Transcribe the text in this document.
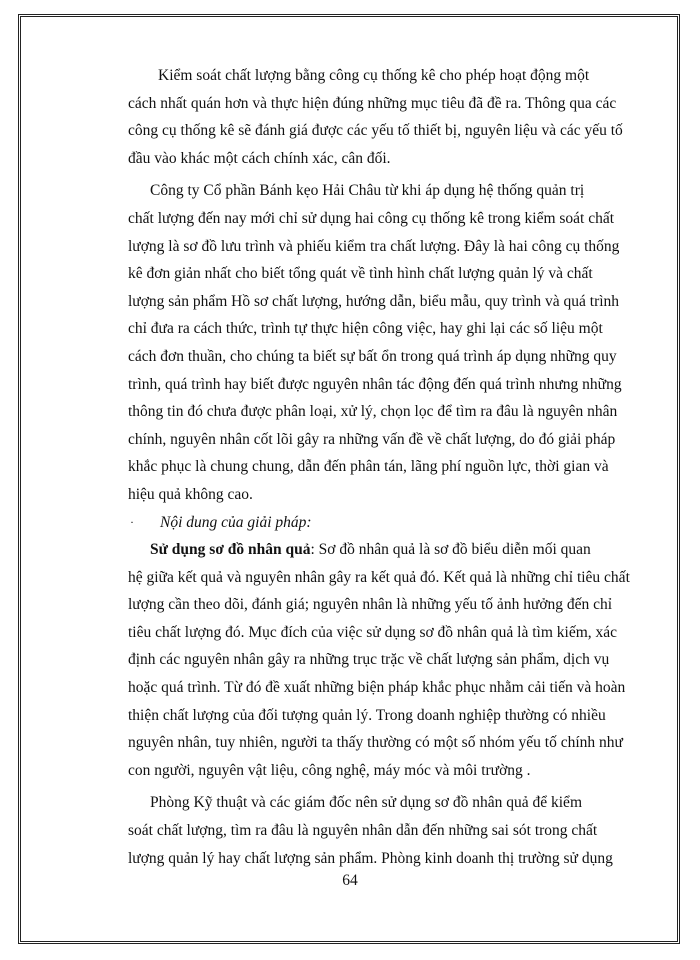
Kiểm soát chất lượng bằng công cụ thống kê cho phép hoạt động một
cách nhất quán hơn và thực hiện đúng những mục tiêu đã đề ra. Thông qua các
công cụ thống kê sẽ đánh giá được các yếu tố thiết bị, nguyên liệu và các yếu tố
đầu vào khác một cách chính xác, cân đối.
Công ty Cổ phần Bánh kẹo Hải Châu từ khi áp dụng hệ thống quản trị
chất lượng đến nay mới chỉ sử dụng hai công cụ thống kê trong kiểm soát chất
lượng là sơ đồ lưu trình và phiếu kiểm tra chất lượng. Đây là hai công cụ thống
kê đơn giản nhất cho biết tổng quát về tình hình chất lượng quản lý và chất
lượng sản phẩm Hồ sơ chất lượng, hướng dẫn, biểu mẫu, quy trình và quá trình
chỉ đưa ra cách thức, trình tự thực hiện công việc, hay ghi lại các số liệu một
cách đơn thuần, cho chúng ta biết sự bất ổn trong quá trình áp dụng những quy
trình, quá trình hay biết được nguyên nhân tác động đến quá trình nhưng những
thông tin đó chưa được phân loại, xử lý, chọn lọc để tìm ra đâu là nguyên nhân
chính, nguyên nhân cốt lõi gây ra những vấn đề về chất lượng, do đó giải pháp
khắc phục là chung chung, dẫn đến phân tán, lãng phí nguồn lực, thời gian và
hiệu quả không cao.
· Nội dung của giải pháp:
Sử dụng sơ đồ nhân quả: Sơ đồ nhân quả là sơ đồ biểu diễn mối quan
hệ giữa kết quả và nguyên nhân gây ra kết quả đó. Kết quả là những chỉ tiêu chất
lượng cần theo dõi, đánh giá; nguyên nhân là những yếu tố ảnh hưởng đến chỉ
tiêu chất lượng đó. Mục đích của việc sử dụng sơ đồ nhân quả là tìm kiếm, xác
định các nguyên nhân gây ra những trục trặc về chất lượng sản phẩm, dịch vụ
hoặc quá trình. Từ đó đề xuất những biện pháp khắc phục nhằm cải tiến và hoàn
thiện chất lượng của đối tượng quản lý. Trong doanh nghiệp thường có nhiều
nguyên nhân, tuy nhiên, người ta thấy thường có một số nhóm yếu tố chính như
con người, nguyên vật liệu, công nghệ, máy móc và môi trường .
Phòng Kỹ thuật và các giám đốc nên sử dụng sơ đồ nhân quả để kiểm
soát chất lượng, tìm ra đâu là nguyên nhân dẫn đến những sai sót trong chất
lượng quản lý hay chất lượng sản phẩm. Phòng kinh doanh thị trường sử dụng
64
